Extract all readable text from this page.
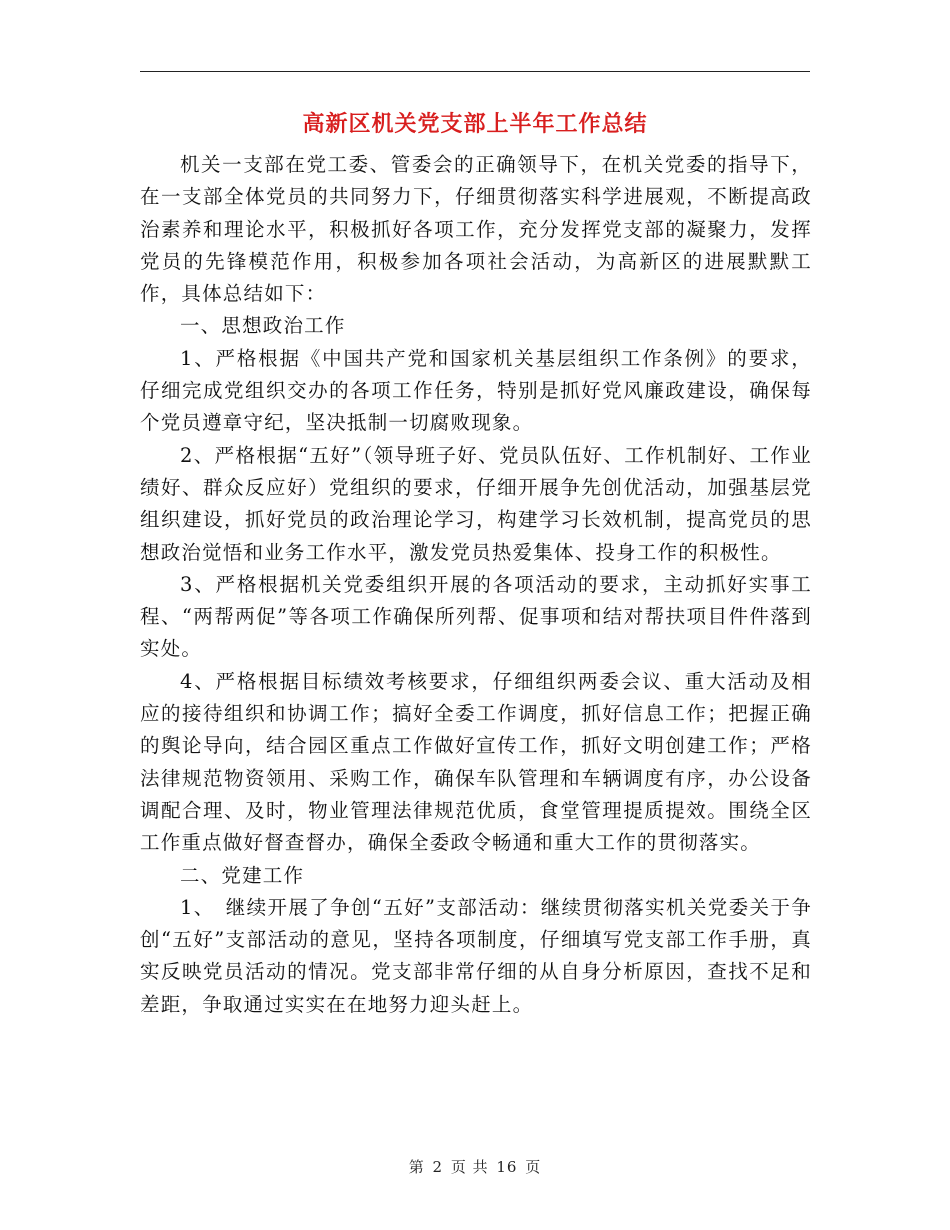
高新区机关党支部上半年工作总结

机关一支部在党工委、管委会的正确领导下，在机关党委的指导下，在一支部全体党员的共同努力下，仔细贯彻落实科学进展观，不断提高政治素养和理论水平，积极抓好各项工作，充分发挥党支部的凝聚力，发挥党员的先锋模范作用，积极参加各项社会活动，为高新区的进展默默工作，具体总结如下：

一、思想政治工作

1、严格根据《中国共产党和国家机关基层组织工作条例》的要求，仔细完成党组织交办的各项工作任务，特别是抓好党风廉政建设，确保每个党员遵章守纪，坚决抵制一切腐败现象。

2、严格根据“五好”（领导班子好、党员队伍好、工作机制好、工作业绩好、群众反应好）党组织的要求，仔细开展争先创优活动，加强基层党组织建设，抓好党员的政治理论学习，构建学习长效机制，提高党员的思想政治觉悟和业务工作水平，激发党员热爱集体、投身工作的积极性。

3、严格根据机关党委组织开展的各项活动的要求，主动抓好实事工程、“两帮两促”等各项工作确保所列帮、促事项和结对帮扶项目件件落到实处。

4、严格根据目标绩效考核要求，仔细组织两委会议、重大活动及相应的接待组织和协调工作；搞好全委工作调度，抓好信息工作；把握正确的舆论导向，结合园区重点工作做好宣传工作，抓好文明创建工作；严格法律规范物资领用、采购工作，确保车队管理和车辆调度有序，办公设备调配合理、及时，物业管理法律规范优质，食堂管理提质提效。围绕全区工作重点做好督查督办，确保全委政令畅通和重大工作的贯彻落实。

二、党建工作

1、　继续开展了争创“五好”支部活动：继续贯彻落实机关党委关于争创“五好”支部活动的意见，坚持各项制度，仔细填写党支部工作手册，真实反映党员活动的情况。党支部非常仔细的从自身分析原因，查找不足和差距，争取通过实实在在地努力迎头赶上。

第 2 页 共 16 页
